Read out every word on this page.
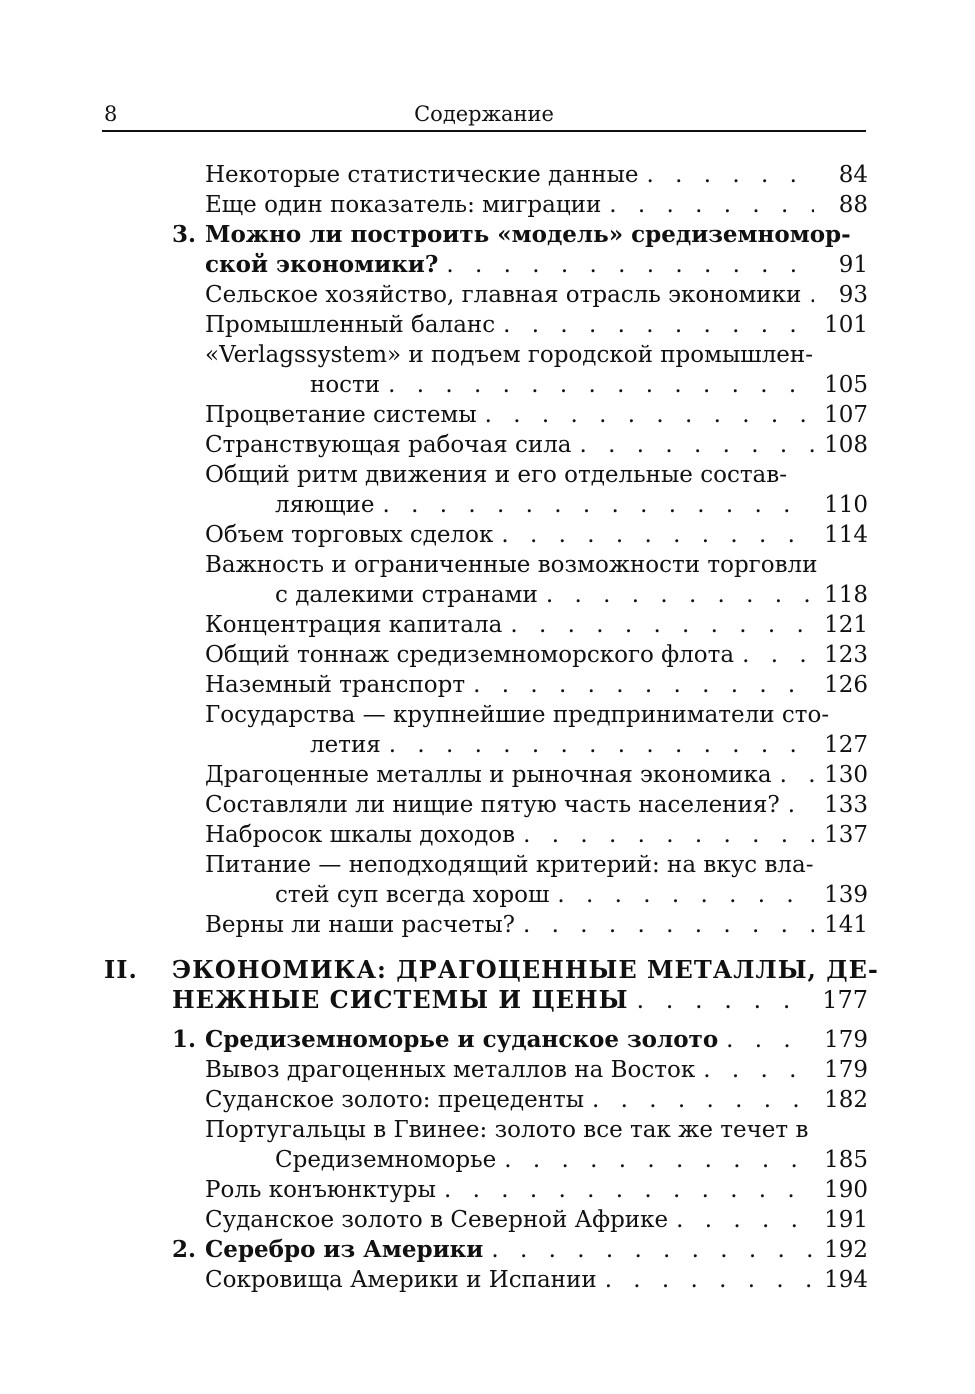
8	Содержание
Некоторые статистические данные . . .	84
Еще один показатель: миграции . . .	88
3. Можно ли построить «модель» средиземномор-
ской экономики? . . .	91
Сельское хозяйство, главная отрасль экономики . . .	93
Промышленный баланс . . .	101
«Verlagssystem» и подъем городской промышлен-
ности . . .	105
Процветание системы . . .	107
Странствующая рабочая сила . . .	108
Общий ритм движения и его отдельные состав-
ляющие . . .	110
Объем торговых сделок . . .	114
Важность и ограниченные возможности торговли
с далекими странами . . .	118
Концентрация капитала . . .	121
Общий тоннаж средиземноморского флота . . .	123
Наземный транспорт . . .	126
Государства — крупнейшие предприниматели сто-
летия . . .	127
Драгоценные металлы и рыночная экономика . . . 130
Составляли ли нищие пятую часть населения? . . . 133
Набросок шкалы доходов . . .	137
Питание — неподходящий критерий: на вкус вла-
стей суп всегда хорош . . .	139
Верны ли наши расчеты? . . .	141
II. ЭКОНОМИКА: ДРАГОЦЕННЫЕ МЕТАЛЛЫ, ДЕ-
НЕЖНЫЕ СИСТЕМЫ И ЦЕНЫ . . .	177
1. Средиземноморье и суданское золото . . .	179
Вывоз драгоценных металлов на Восток . . .	179
Суданское золото: прецеденты . . .	182
Португальцы в Гвинее: золото все так же течет в
Средиземноморье . . .	185
Роль конъюнктуры . . .	190
Суданское золото в Северной Африке . . .	191
2. Серебро из Америки . . .	192
Сокровища Америки и Испании . . .	194
